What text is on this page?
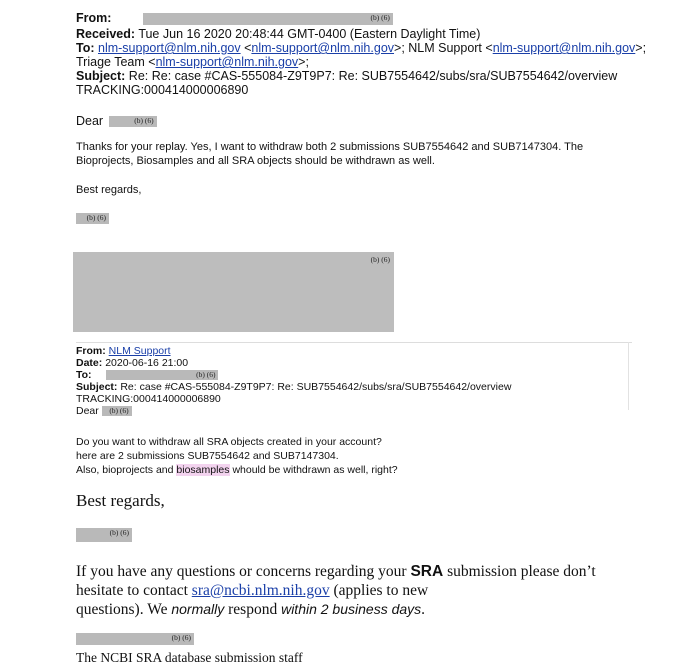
From:	(b) (6)
Received: Tue Jun 16 2020 20:48:44 GMT-0400 (Eastern Daylight Time)
To: nlm-support@nlm.nih.gov <nlm-support@nlm.nih.gov>; NLM Support <nlm-support@nlm.nih.gov>;
Triage Team <nlm-support@nlm.nih.gov>;
Subject: Re: Re: case #CAS-555084-Z9T9P7: Re: SUB7554642/subs/sra/SUB7554642/overview
TRACKING:000414000006890
Dear	(b) (6)
Thanks for your replay. Yes, I want to withdraw both 2 submissions SUB7554642 and SUB7147304. The Bioprojects, Biosamples and all SRA objects should be withdrawn as well.
Best regards,
(b) (6)
(b) (6)
From: NLM Support
Date: 2020-06-16 21:00
To:	(b) (6)
Subject: Re: case #CAS-555084-Z9T9P7: Re: SUB7554642/subs/sra/SUB7554642/overview
TRACKING:000414000006890
Dear (b) (6)
Do you want to withdraw all SRA objects created in your account?
here are 2 submissions SUB7554642 and SUB7147304.
Also, bioprojects and biosamples whould be withdrawn as well, right?
Best regards,
(b) (6)
If you have any questions or concerns regarding your SRA submission please don’t
hesitate to contact sra@ncbi.nlm.nih.gov (applies to new
questions). We normally respond within 2 business days.
(b) (6)
The NCBI SRA database submission staff
